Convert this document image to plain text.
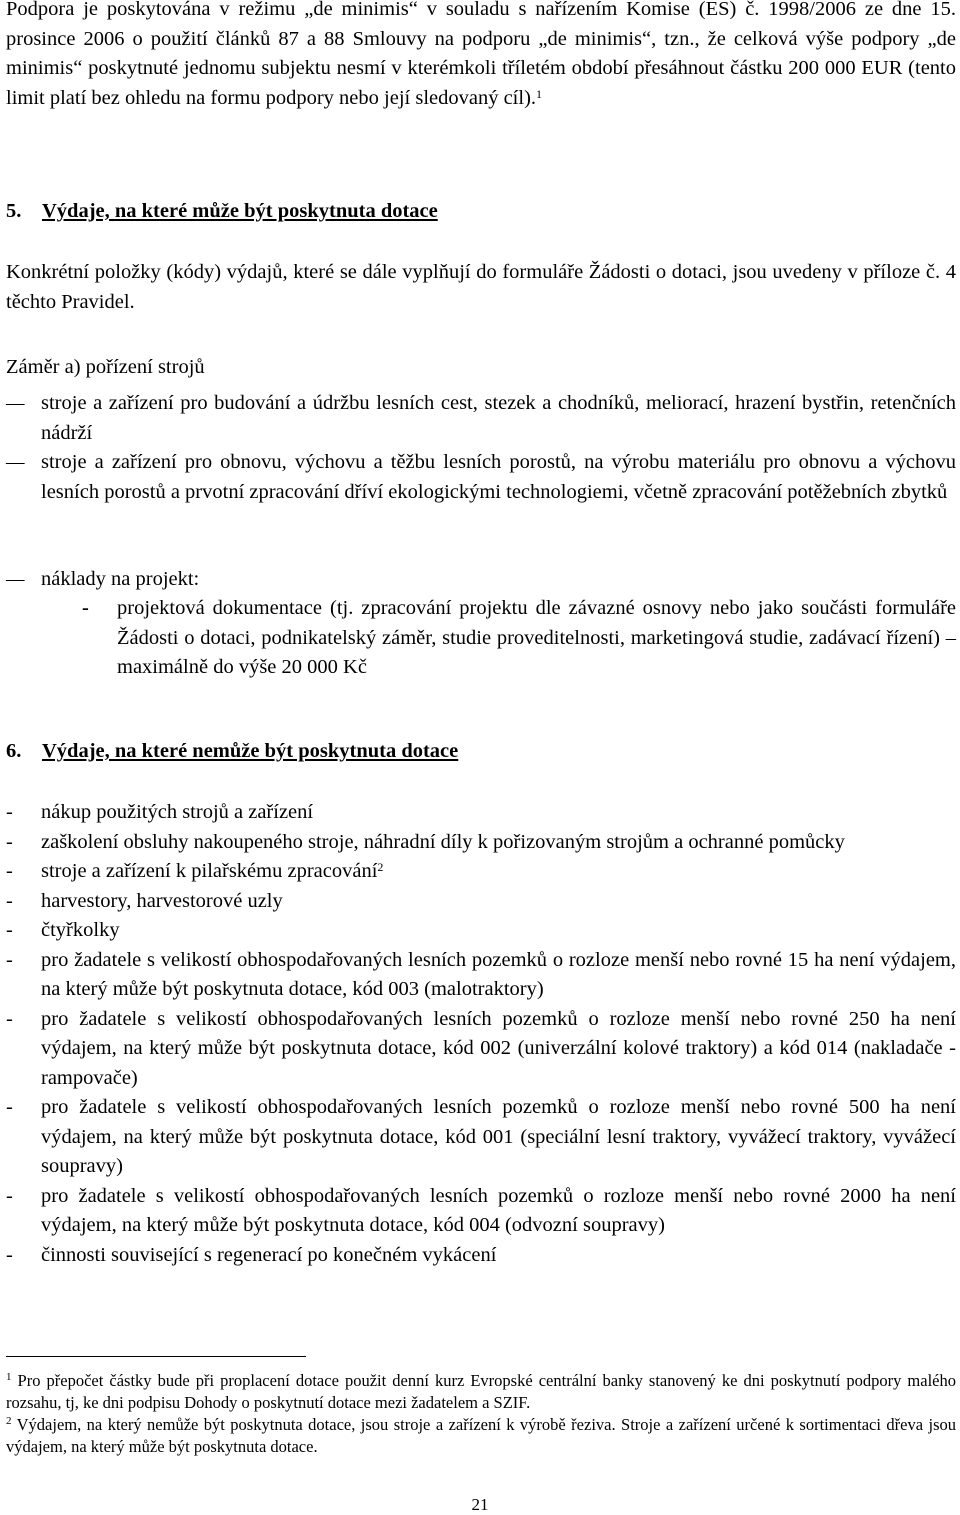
Podpora je poskytována v režimu „de minimis“ v souladu s nařízením Komise (ES) č. 1998/2006 ze dne 15. prosince 2006 o použití článků 87 a 88 Smlouvy na podporu „de minimis“, tzn., že celková výše podpory „de minimis“ poskytnuté jednomu subjektu nesmí v kterémkoli tříletém období přesáhnout částku 200 000 EUR (tento limit platí bez ohledu na formu podpory nebo její sledovaný cíl).$^1$
5. Výdaje, na které může být poskytnuta dotace
Konkrétní položky (kódy) výdajů, které se dále vyplňují do formuláře Žádosti o dotaci, jsou uvedeny v příloze č. 4 těchto Pravidel.
Záměr a) pořízení strojů
––
stroje a zařízení pro budování a údržbu lesních cest, stezek a chodníků, meliorací, hrazení bystřin, retenčních nádrží
––
stroje a zařízení pro obnovu, výchovu a těžbu lesních porostů, na výrobu materiálu pro obnovu a výchovu lesních porostů a prvotní zpracování dříví ekologickými technologiemi, včetně zpracování potěžebních zbytků
––
náklady na projekt:
- projektová dokumentace (tj. zpracování projektu dle závazné osnovy nebo jako součásti formuláře Žádosti o dotaci, podnikatelský záměr, studie proveditelnosti, marketingová studie, zadávací řízení) – maximálně do výše 20 000 Kč
6. Výdaje, na které nemůže být poskytnuta dotace
- nákup použitých strojů a zařízení
- zaškolení obsluhy nakoupeného stroje, náhradní díly k pořizovaným strojům a ochranné pomůcky
- stroje a zařízení k pilařskému zpracování$^2$
- harvestory, harvestorové uzly
- čtyřkolky
- pro žadatele s velikostí obhospodařovaných lesních pozemků o rozloze menší nebo rovné 15 ha není výdajem, na který může být poskytnuta dotace, kód 003 (malotraktory)
- pro žadatele s velikostí obhospodařovaných lesních pozemků o rozloze menší nebo rovné 250 ha není výdajem, na který může být poskytnuta dotace, kód 002 (univerzální kolové traktory) a kód 014 (nakladače - rampovače)
- pro žadatele s velikostí obhospodařovaných lesních pozemků o rozloze menší nebo rovné 500 ha není výdajem, na který může být poskytnuta dotace, kód 001 (speciální lesní traktory, vyvážecí traktory, vyvážecí soupravy)
- pro žadatele s velikostí obhospodařovaných lesních pozemků o rozloze menší nebo rovné 2000 ha není výdajem, na který může být poskytnuta dotace, kód 004 (odvozní soupravy)
- činnosti související s regenerací po konečném vykácení

$^1$ Pro přepočet částky bude při proplacení dotace použit denní kurz Evropské centrální banky stanovený ke dni poskytnutí podpory malého rozsahu, tj, ke dni podpisu Dohody o poskytnutí dotace mezi žadatelem a SZIF.

$^2$ Výdajem, na který nemůže být poskytnuta dotace, jsou stroje a zařízení k výrobě řeziva. Stroje a zařízení určené k sortimentaci dřeva jsou výdajem, na který může být poskytnuta dotace.

21
